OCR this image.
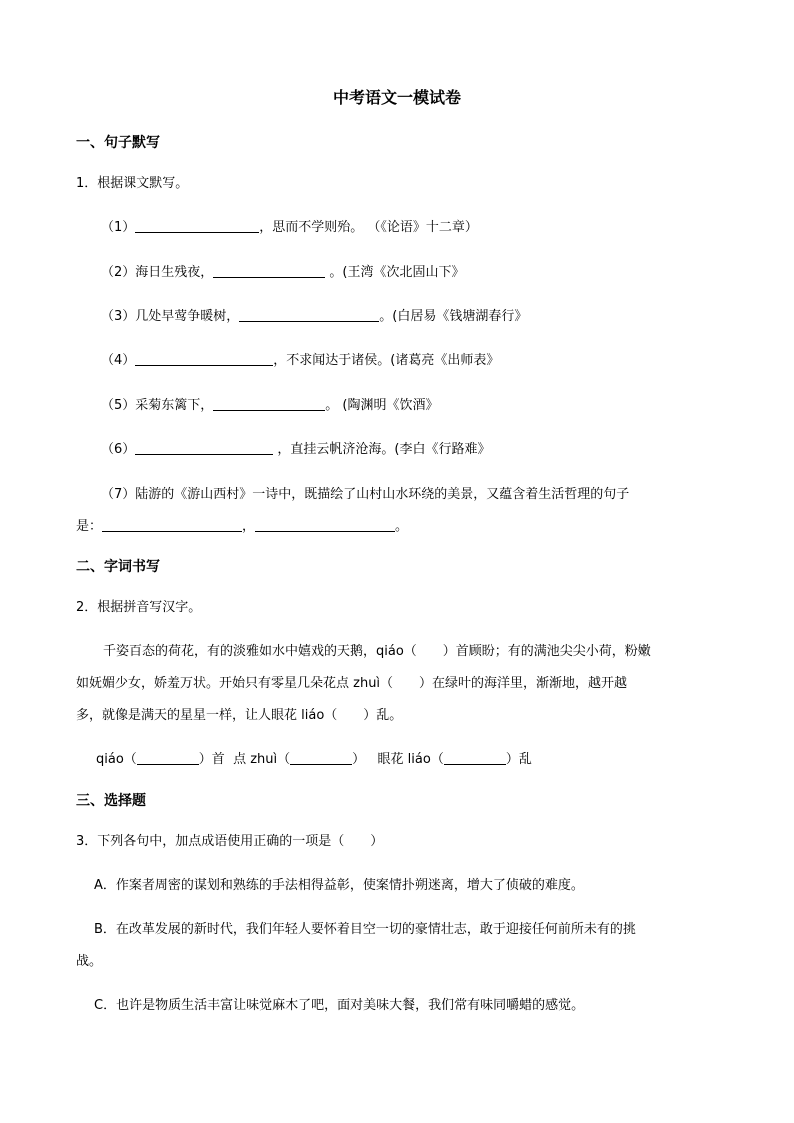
中考语文一模试卷
一、句子默写
1．根据课文默写。
（1）	，思而不学则殆。 （《论语》十二章）
（2）海日生残夜，	。(王湾《次北固山下》
（3）几处早莺争暖树，	。(白居易《钱塘湖春行》
（4）	，不求闻达于诸侯。(诸葛亮《出师表》
（5）采菊东篱下，	。 (陶渊明《饮酒》
（6）	，直挂云帆济沧海。(李白《行路难》
（7）陆游的《游山西村》一诗中，既描绘了山村山水环绕的美景，又蕴含着生活哲理的句子
是：	，	。
二、字词书写
2．根据拼音写汉字。
千姿百态的荷花，有的淡雅如水中嬉戏的天鹅，qiáo（　　）首顾盼；有的满池尖尖小荷，粉嫩
如妩媚少女，娇羞万状。开始只有零星几朵花点 zhuì（　　）在绿叶的海洋里，渐渐地，越开越
多，就像是满天的星星一样，让人眼花 liáo（　　）乱。
qiáo（	）首 点 zhuì（	） 眼花 liáo（	）乱
三、选择题
3．下列各句中，加点成语使用正确的一项是（　　）
A．作案者周密的谋划和熟练的手法相得益彰，使案情扑朔迷离，增大了侦破的难度。
B．在改革发展的新时代，我们年轻人要怀着目空一切的豪情壮志，敢于迎接任何前所未有的挑
战。
C．也许是物质生活丰富让味觉麻木了吧，面对美味大餐，我们常有味同嚼蜡的感觉。
